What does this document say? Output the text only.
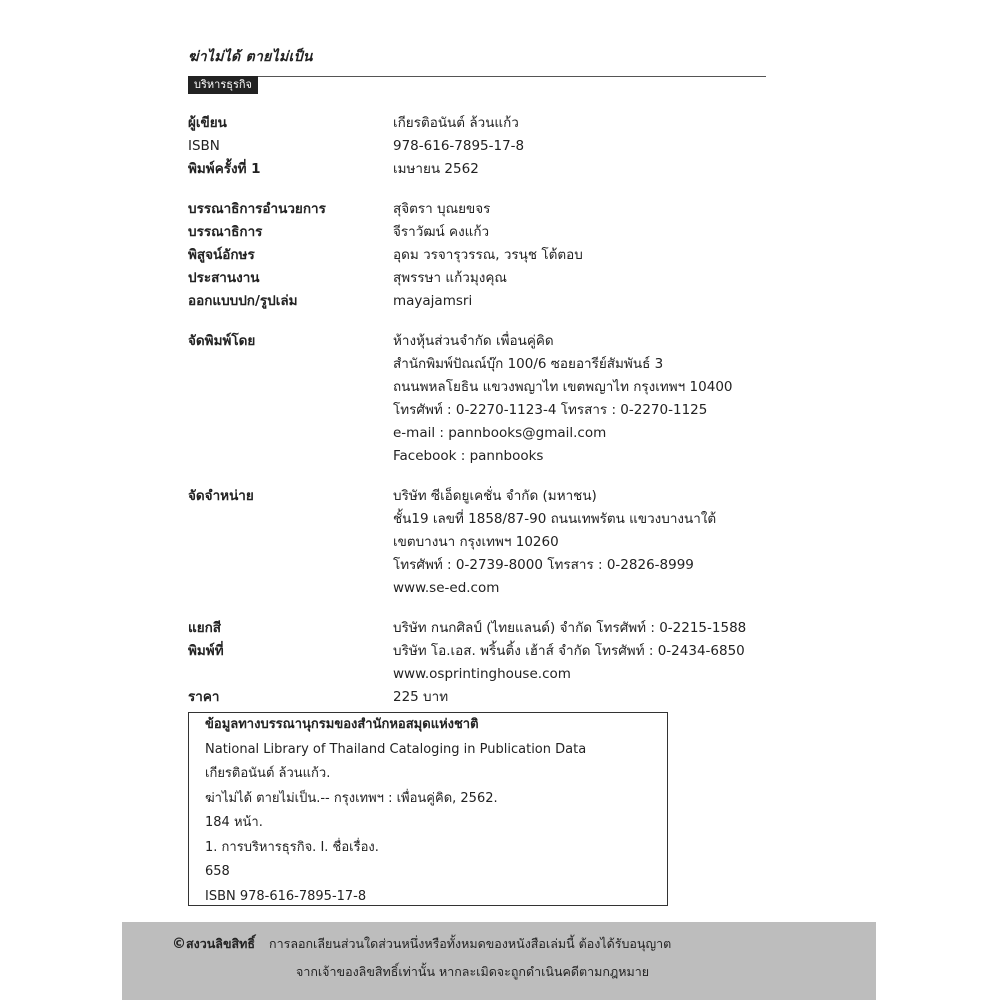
ฆ่าไม่ได้ ตายไม่เป็น
บริหารธุรกิจ
ผู้เขียน	เกียรติอนันต์ ล้วนแก้ว
ISBN	978-616-7895-17-8
พิมพ์ครั้งที่ 1	เมษายน 2562
บรรณาธิการอำนวยการ	สุจิตรา บุณยขจร
บรรณาธิการ	จีราวัฒน์ คงแก้ว
พิสูจน์อักษร	อุดม วรจารุวรรณ, วรนุช โต้ตอบ
ประสานงาน	สุพรรษา แก้วมุงคุณ
ออกแบบปก/รูปเล่ม	mayajamsri
จัดพิมพ์โดย	ห้างหุ้นส่วนจำกัด เพื่อนคู่คิด
สำนักพิมพ์ปัณณ์บุ๊ก 100/6 ซอยอารีย์สัมพันธ์ 3
ถนนพหลโยธิน แขวงพญาไท เขตพญาไท กรุงเทพฯ 10400
โทรศัพท์ : 0-2270-1123-4 โทรสาร : 0-2270-1125
e-mail : pannbooks@gmail.com
Facebook : pannbooks
จัดจำหน่าย	บริษัท ซีเอ็ดยูเคชั่น จำกัด (มหาชน)
ชั้น19 เลขที่ 1858/87-90 ถนนเทพรัตน แขวงบางนาใต้
เขตบางนา กรุงเทพฯ 10260
โทรศัพท์ : 0-2739-8000 โทรสาร : 0-2826-8999
www.se-ed.com
แยกสี	บริษัท กนกศิลป์ (ไทยแลนด์) จำกัด โทรศัพท์ : 0-2215-1588
พิมพ์ที่	บริษัท โอ.เอส. พริ้นติ้ง เฮ้าส์ จำกัด โทรศัพท์ : 0-2434-6850
www.osprintinghouse.com
ราคา	225 บาท
ข้อมูลทางบรรณานุกรมของสำนักหอสมุดแห่งชาติ
National Library of Thailand Cataloging in Publication Data
เกียรติอนันต์ ล้วนแก้ว.
ฆ่าไม่ได้ ตายไม่เป็น.-- กรุงเทพฯ : เพื่อนคู่คิด, 2562.
184 หน้า.
1. การบริหารธุรกิจ. I. ชื่อเรื่อง.
658
ISBN 978-616-7895-17-8
©สงวนลิขสิทธิ์ การลอกเลียนส่วนใดส่วนหนึ่งหรือทั้งหมดของหนังสือเล่มนี้ ต้องได้รับอนุญาต
จากเจ้าของลิขสิทธิ์เท่านั้น หากละเมิดจะถูกดำเนินคดีตามกฎหมาย
